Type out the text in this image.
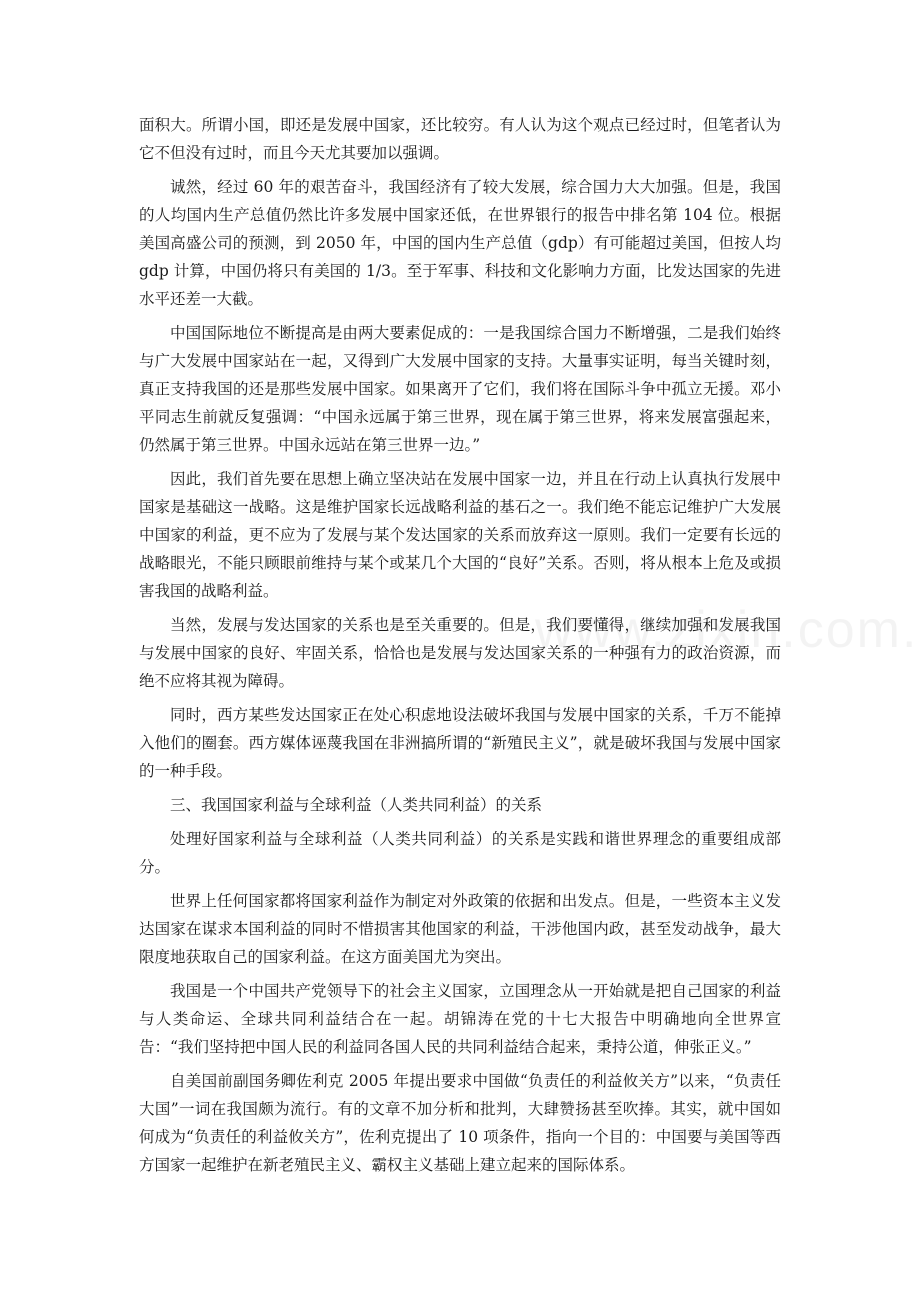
面积大。所谓小国，即还是发展中国家，还比较穷。有人认为这个观点已经过时，但笔者认为它不但没有过时，而且今天尤其要加以强调。

诚然，经过 60 年的艰苦奋斗，我国经济有了较大发展，综合国力大大加强。但是，我国的人均国内生产总值仍然比许多发展中国家还低，在世界银行的报告中排名第 104 位。根据美国高盛公司的预测，到 2050 年，中国的国内生产总值（gdp）有可能超过美国，但按人均 gdp 计算，中国仍将只有美国的 1/3。至于军事、科技和文化影响力方面，比发达国家的先进水平还差一大截。

中国国际地位不断提高是由两大要素促成的：一是我国综合国力不断增强，二是我们始终与广大发展中国家站在一起，又得到广大发展中国家的支持。大量事实证明，每当关键时刻，真正支持我国的还是那些发展中国家。如果离开了它们，我们将在国际斗争中孤立无援。邓小平同志生前就反复强调：“中国永远属于第三世界，现在属于第三世界，将来发展富强起来，仍然属于第三世界。中国永远站在第三世界一边。”

因此，我们首先要在思想上确立坚决站在发展中国家一边，并且在行动上认真执行发展中国家是基础这一战略。这是维护国家长远战略利益的基石之一。我们绝不能忘记维护广大发展中国家的利益，更不应为了发展与某个发达国家的关系而放弃这一原则。我们一定要有长远的战略眼光，不能只顾眼前维持与某个或某几个大国的“良好”关系。否则，将从根本上危及或损害我国的战略利益。

当然，发展与发达国家的关系也是至关重要的。但是，我们要懂得，继续加强和发展我国与发展中国家的良好、牢固关系，恰恰也是发展与发达国家关系的一种强有力的政治资源，而绝不应将其视为障碍。

同时，西方某些发达国家正在处心积虑地设法破坏我国与发展中国家的关系，千万不能掉入他们的圈套。西方媒体诬蔑我国在非洲搞所谓的“新殖民主义”，就是破坏我国与发展中国家的一种手段。

三、我国国家利益与全球利益（人类共同利益）的关系

处理好国家利益与全球利益（人类共同利益）的关系是实践和谐世界理念的重要组成部分。

世界上任何国家都将国家利益作为制定对外政策的依据和出发点。但是，一些资本主义发达国家在谋求本国利益的同时不惜损害其他国家的利益，干涉他国内政，甚至发动战争，最大限度地获取自己的国家利益。在这方面美国尤为突出。

我国是一个中国共产党领导下的社会主义国家，立国理念从一开始就是把自己国家的利益与人类命运、全球共同利益结合在一起。胡锦涛在党的十七大报告中明确地向全世界宣告：“我们坚持把中国人民的利益同各国人民的共同利益结合起来，秉持公道，伸张正义。”

自美国前副国务卿佐利克 2005 年提出要求中国做“负责任的利益攸关方”以来，“负责任大国”一词在我国颇为流行。有的文章不加分析和批判，大肆赞扬甚至吹捧。其实，就中国如何成为“负责任的利益攸关方”，佐利克提出了 10 项条件，指向一个目的：中国要与美国等西方国家一起维护在新老殖民主义、霸权主义基础上建立起来的国际体系。
